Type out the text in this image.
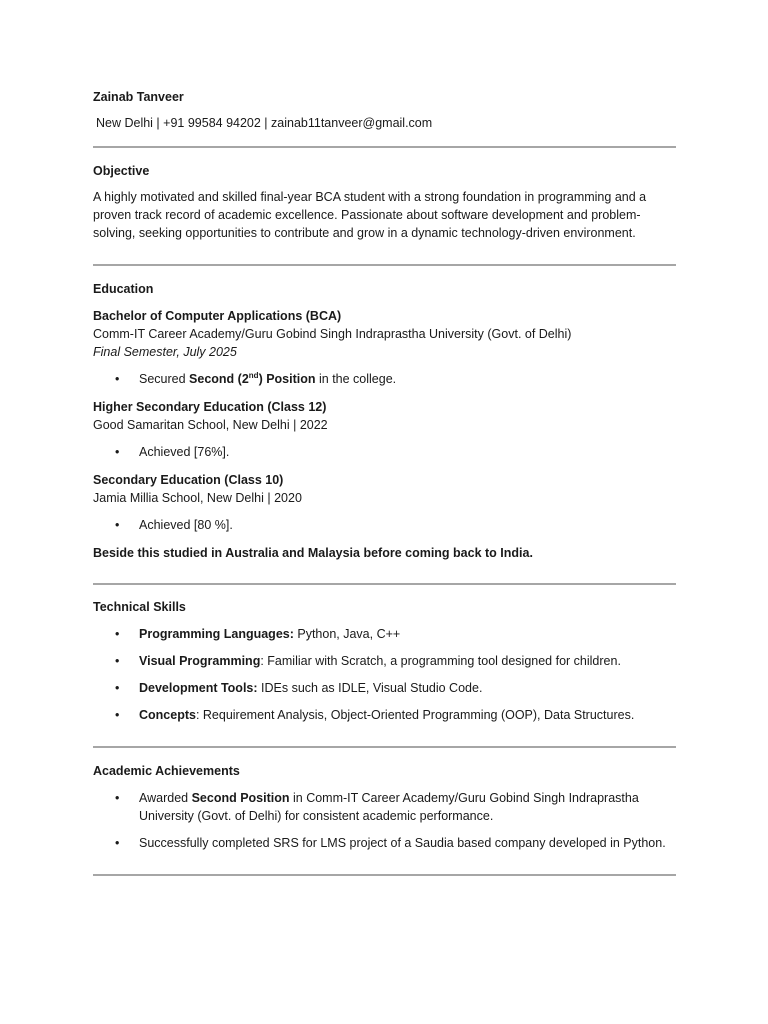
Zainab Tanveer

New Delhi | +91 99584 94202 | zainab11tanveer@gmail.com

Objective

A highly motivated and skilled final-year BCA student with a strong foundation in programming and a proven track record of academic excellence. Passionate about software development and problem-solving, seeking opportunities to contribute and grow in a dynamic technology-driven environment.

Education

Bachelor of Computer Applications (BCA)

Comm-IT Career Academy/Guru Gobind Singh Indraprastha University (Govt. of Delhi)

Final Semester, July 2025

• Secured Second (2nd) Position in the college.

Higher Secondary Education (Class 12)

Good Samaritan School, New Delhi | 2022

• Achieved [76%].

Secondary Education (Class 10)

Jamia Millia School, New Delhi | 2020

• Achieved [80 %].

Beside this studied in Australia and Malaysia before coming back to India.

Technical Skills

• Programming Languages: Python, Java, C++
• Visual Programming: Familiar with Scratch, a programming tool designed for children.
• Development Tools: IDEs such as IDLE, Visual Studio Code.
• Concepts: Requirement Analysis, Object-Oriented Programming (OOP), Data Structures.

Academic Achievements

• Awarded Second Position in Comm-IT Career Academy/Guru Gobind Singh Indraprastha University (Govt. of Delhi) for consistent academic performance.
• Successfully completed SRS for LMS project of a Saudia based company developed in Python.
